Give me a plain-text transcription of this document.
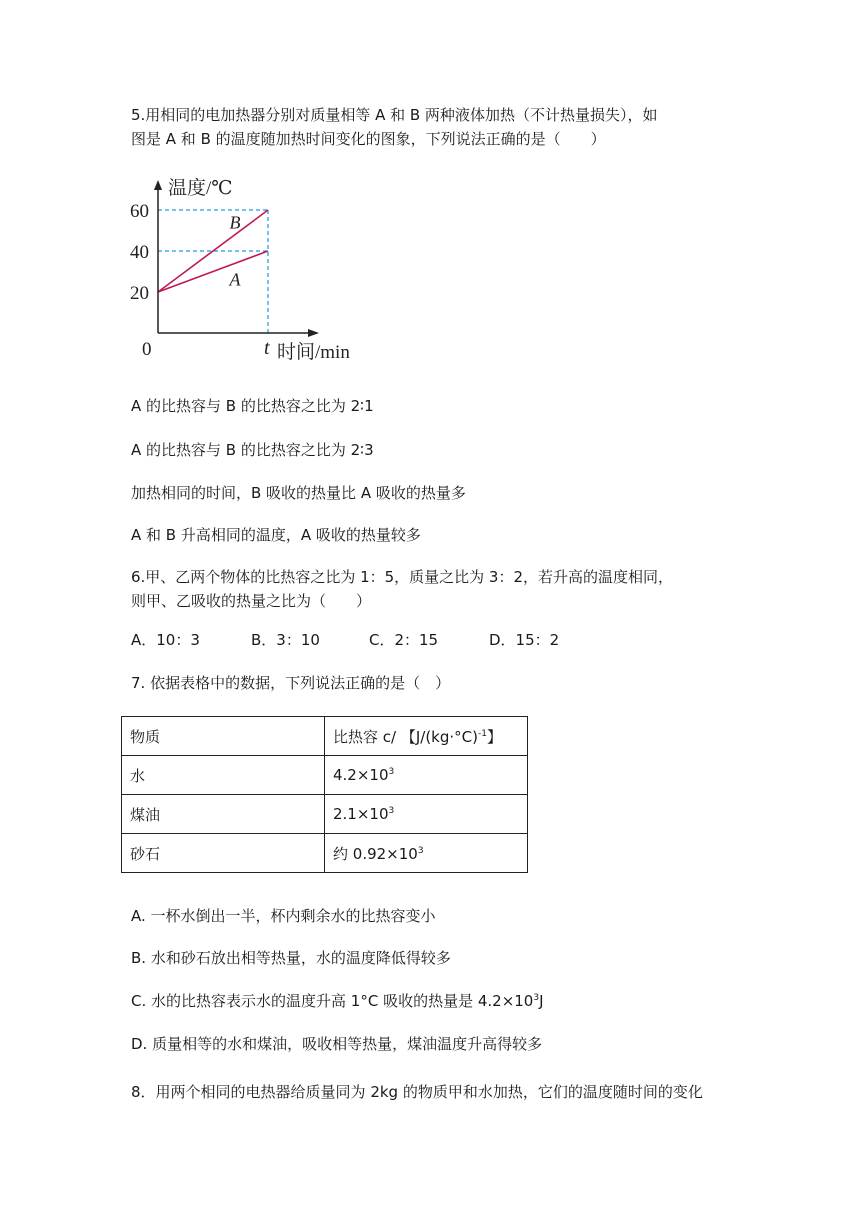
5.用相同的电加热器分别对质量相等 A 和 B 两种液体加热（不计热量损失），如
图是 A 和 B 的温度随加热时间变化的图象，下列说法正确的是（　　）
B
A
20
40
60
0	t
温度/℃
时间/min
A 的比热容与 B 的比热容之比为 2∶1
A 的比热容与 B 的比热容之比为 2∶3
加热相同的时间，B 吸收的热量比 A 吸收的热量多
A 和 B 升高相同的温度，A 吸收的热量较多
6.甲、乙两个物体的比热容之比为 1：5，质量之比为 3：2，若升高的温度相同，
则甲、乙吸收的热量之比为（　　）
A．10：3	B．3：10	C．2：15	D．15：2
7. 依据表格中的数据，下列说法正确的是（　）
物质	比热容 c/ 【$J/(kg\cdot^\circ C)^{-1}$】
水	$4.2\times 10^3$
煤油	$2.1\times 10^3$
砂石	约 $0.92\times 10^3$
A. 一杯水倒出一半，杯内剩余水的比热容变小
B. 水和砂石放出相等热量，水的温度降低得较多
C. 水的比热容表示水的温度升高 1°C 吸收的热量是 $4.2\times 10^3J$
D. 质量相等的水和煤油，吸收相等热量，煤油温度升高得较多
8．用两个相同的电热器给质量同为 2kg 的物质甲和水加热，它们的温度随时间的变化
